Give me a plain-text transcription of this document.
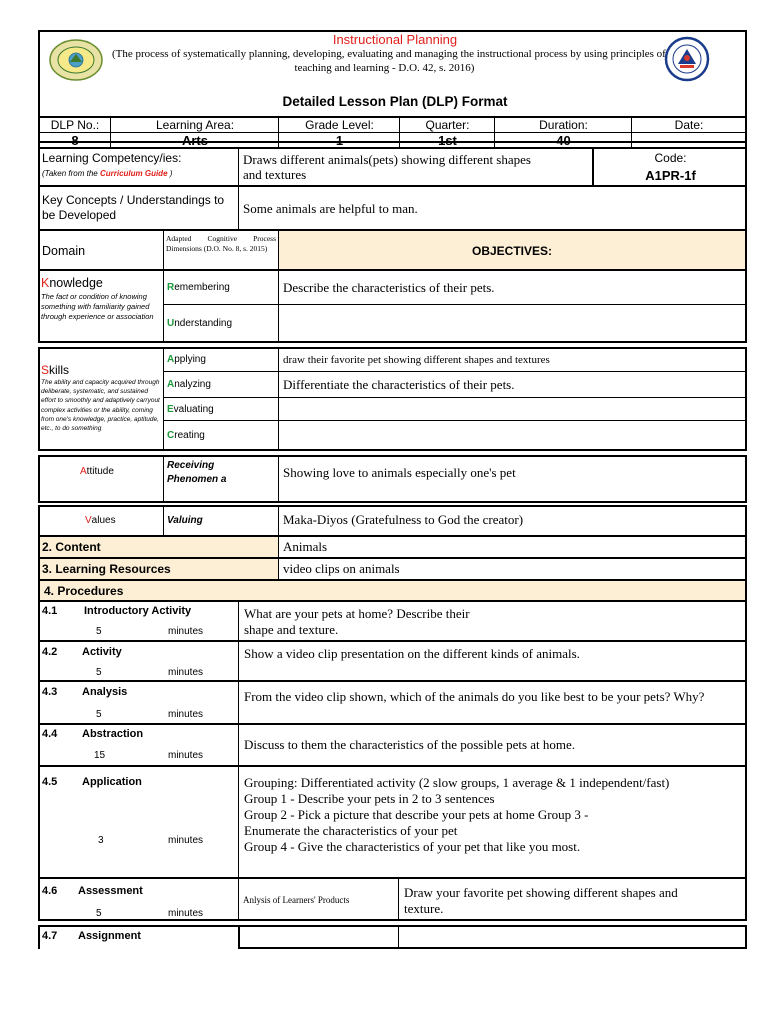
Instructional Planning
(The process of systematically planning, developing, evaluating and managing the instructional process by using principles of
teaching and learning - D.O. 42, s. 2016)
Detailed Lesson Plan (DLP) Format
DLP No.:
8
Learning Area:
Arts
Grade Level:
1
Quarter:
1st
Duration:
40
Date:
Learning Competency/ies:
(Taken from the Curriculum Guide )
Draws different animals(pets) showing different shapes and textures
Code:
A1PR-1f
Key Concepts / Understandings to be Developed	Some animals are helpful to man.
Domain
Adapted Cognitive Process Dimensions (D.O. No. 8, s. 2015)	OBJECTIVES:
Knowledge
The fact or condition of knowing something with familiarity gained through experience or association
R emembering	Describe the characteristics of their pets.
U nderstanding
Skills
The ability and capacity acquired through deliberate, systematic, and sustained effort to smoothly and adaptively carryout complex activities or the ability, coming from one's knowledge, practice, aptitude, etc., to do something
A pplying	draw their favorite pet showing different shapes and textures
A nalyzing	Differentiate the characteristics of their pets.
E valuating
C reating
Attitude
Receiving Phenomen a	Showing love to animals especially one's pet
V alues	Valuing	Maka-Diyos (Gratefulness to God the creator)
2. Content	Animals
3. Learning Resources	video clips on animals
4. Procedures
4.1 Introductory Activity
5	minutes
What are your pets at home? Describe their shape and texture.
4.2 Activity
5	minutes
Show a video clip presentation on the different kinds of animals.
4.3 Analysis
5	minutes
From the video clip shown, which of the animals do you like best to be your pets? Why?
4.4 Abstraction
15	minutes
Discuss to them the characteristics of the possible pets at home.
4.5 Application
3	minutes
Grouping: Differentiated activity (2 slow groups, 1 average & 1 independent/fast)
Group 1 - Describe your pets in 2 to 3 sentences
Group 2 - Pick a picture that describe your pets at home Group 3 -
Enumerate the characteristics of your pet
Group 4 - Give the characteristics of your pet that like you most.
4.6 Assessment
5	minutes
Anlysis of Learners' Products	Draw your favorite pet showing different shapes and texture.
4.7 Assignment
